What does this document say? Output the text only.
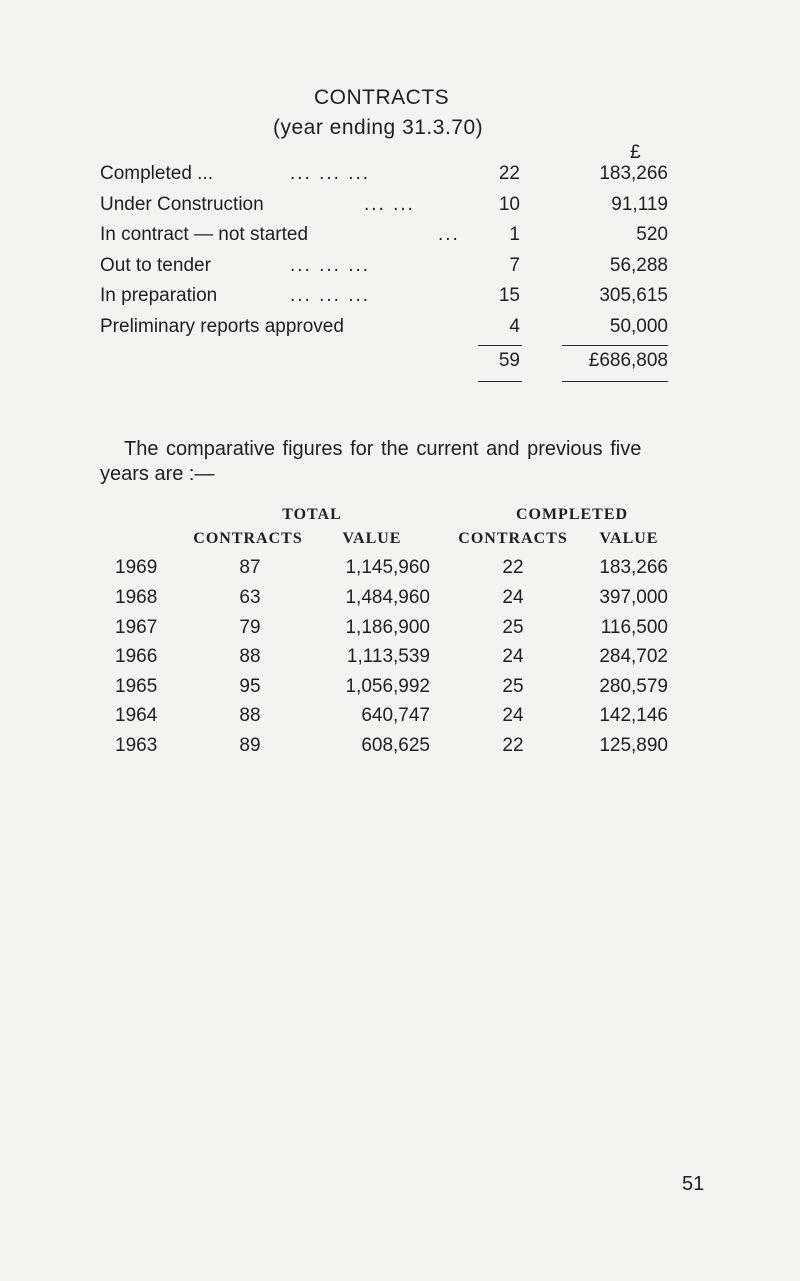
CONTRACTS
(year ending 31.3.70)
£
Completed ...	... ... ...	22	183,266
Under Construction	... ...	10	91,119
In contract — not started	...	1	520
Out to tender	... ... ...	7	56,288
In preparation	... ... ...	15	305,615
Preliminary reports approved	4	50,000
59	£686,808
The comparative figures for the current and previous five
years are :—
TOTAL	COMPLETED
CONTRACTS	VALUE	CONTRACTS	VALUE
1969	87	1,145,960	22	183,266
1968	63	1,484,960	24	397,000
1967	79	1,186,900	25	116,500
1966	88	1,113,539	24	284,702
1965	95	1,056,992	25	280,579
1964	88	640,747	24	142,146
1963	89	608,625	22	125,890
51
